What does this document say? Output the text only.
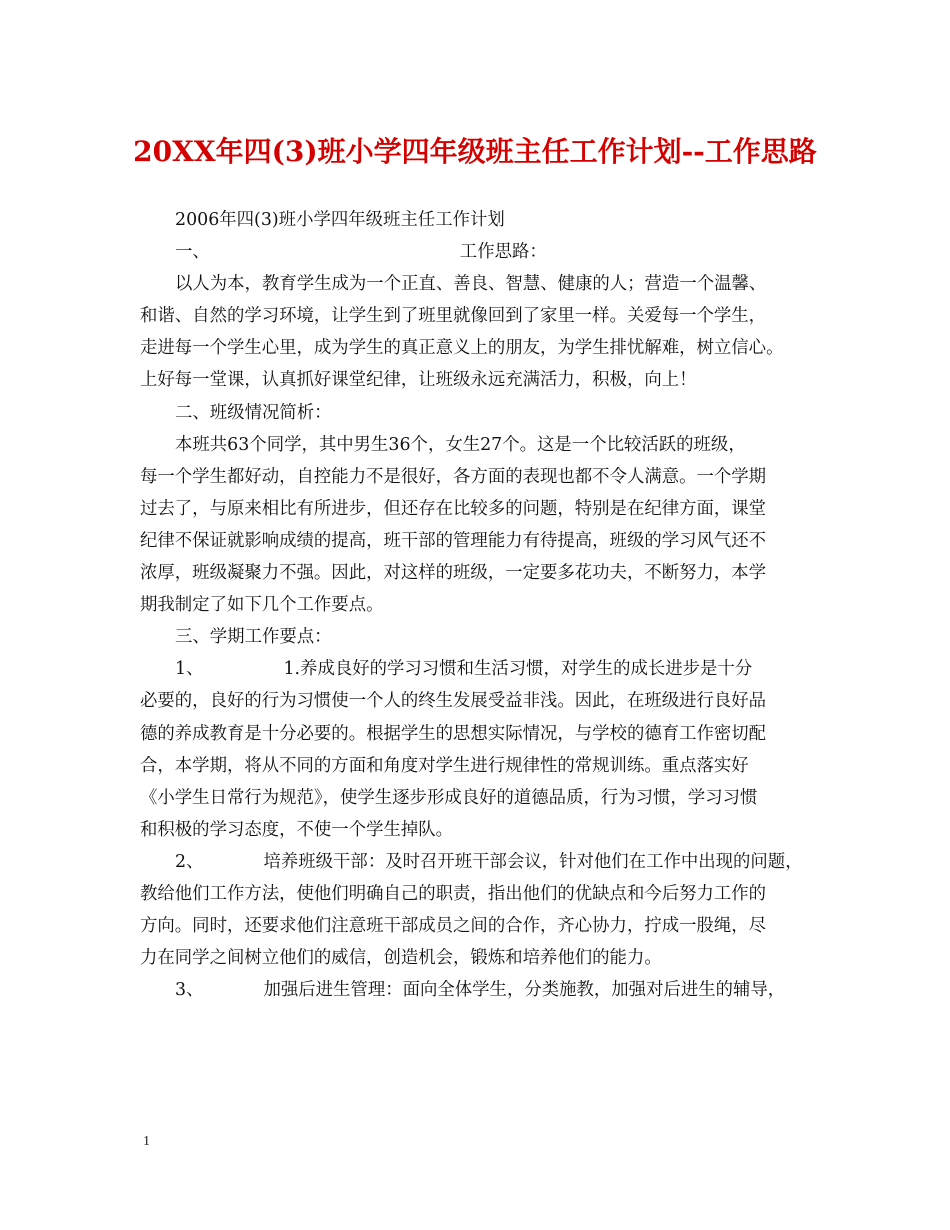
20XX年四(3)班小学四年级班主任工作计划--工作思路
2006年四(3)班小学四年级班主任工作计划
一、	工作思路：
以人为本，教育学生成为一个正直、善良、智慧、健康的人；营造一个温馨、
和谐、自然的学习环境，让学生到了班里就像回到了家里一样。关爱每一个学生，
走进每一个学生心里，成为学生的真正意义上的朋友，为学生排忧解难，树立信心。
上好每一堂课，认真抓好课堂纪律，让班级永远充满活力，积极，向上！
二、班级情况简析：
本班共63个同学，其中男生36个，女生27个。这是一个比较活跃的班级，
每一个学生都好动，自控能力不是很好，各方面的表现也都不令人满意。一个学期
过去了，与原来相比有所进步，但还存在比较多的问题，特别是在纪律方面，课堂
纪律不保证就影响成绩的提高，班干部的管理能力有待提高，班级的学习风气还不
浓厚，班级凝聚力不强。因此，对这样的班级，一定要多花功夫，不断努力，本学
期我制定了如下几个工作要点。
三、学期工作要点：
1、	1.养成良好的学习习惯和生活习惯，对学生的成长进步是十分
必要的，良好的行为习惯使一个人的终生发展受益非浅。因此，在班级进行良好品
德的养成教育是十分必要的。根据学生的思想实际情况，与学校的德育工作密切配
合，本学期，将从不同的方面和角度对学生进行规律性的常规训练。重点落实好
《小学生日常行为规范》，使学生逐步形成良好的道德品质，行为习惯，学习习惯
和积极的学习态度，不使一个学生掉队。
2、	培养班级干部：及时召开班干部会议，针对他们在工作中出现的问题，
教给他们工作方法，使他们明确自己的职责，指出他们的优缺点和今后努力工作的
方向。同时，还要求他们注意班干部成员之间的合作，齐心协力，拧成一股绳，尽
力在同学之间树立他们的威信，创造机会，锻炼和培养他们的能力。
3、	加强后进生管理：面向全体学生，分类施教，加强对后进生的辅导，
1
